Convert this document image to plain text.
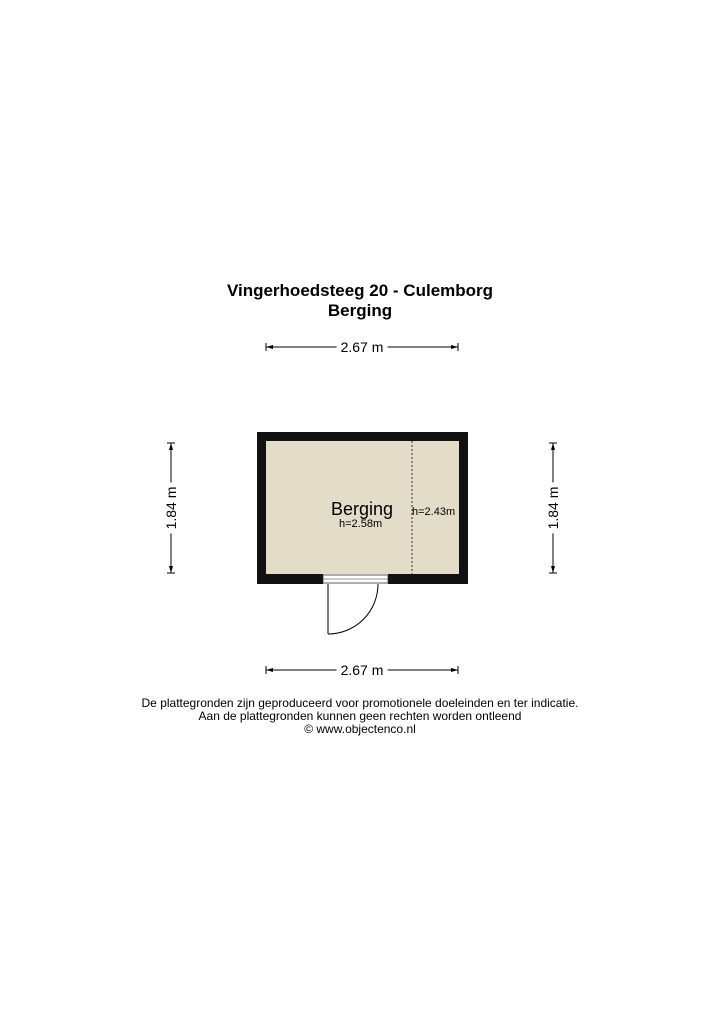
Vingerhoedsteeg 20 - Culemborg
Berging
2.67 m
2.67 m
1.84 m	1.84 m
Berging
h=2.58m
h=2.43m
De plattegronden zijn geproduceerd voor promotionele doeleinden en ter indicatie.
Aan de plattegronden kunnen geen rechten worden ontleend
© www.objectenco.nl
